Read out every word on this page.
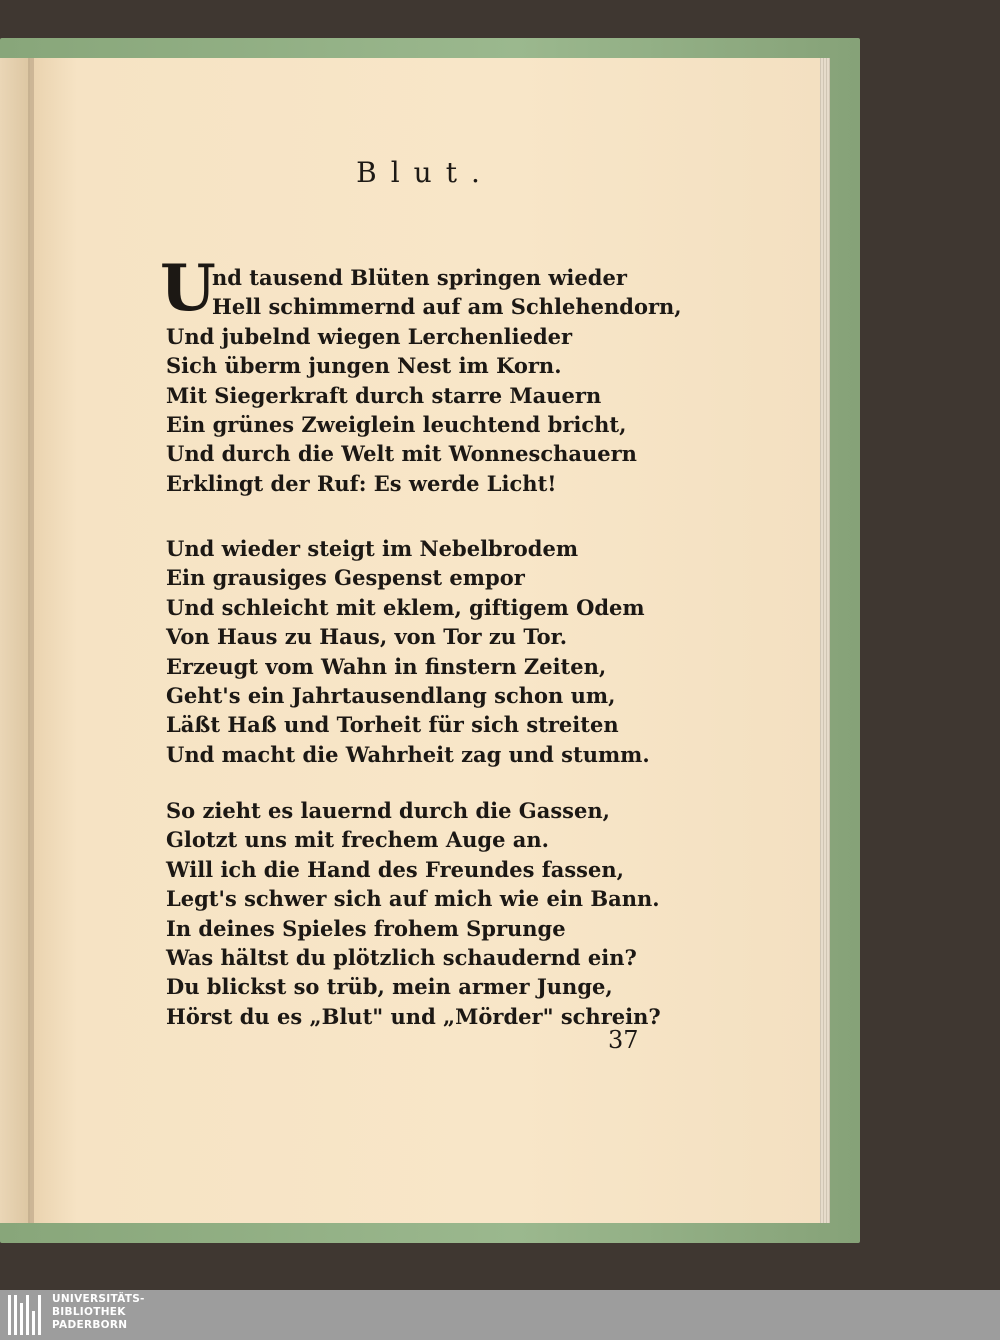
Blut.
U
nd tausend Blüten springen wieder
Hell schimmernd auf am Schlehendorn,
Und jubelnd wiegen Lerchenlieder
Sich überm jungen Nest im Korn.
Mit Siegerkraft durch starre Mauern
Ein grünes Zweiglein leuchtend bricht,
Und durch die Welt mit Wonneschauern
Erklingt der Ruf: Es werde Licht!
Und wieder steigt im Nebelbrodem
Ein grausiges Gespenst empor
Und schleicht mit eklem, giftigem Odem
Von Haus zu Haus, von Tor zu Tor.
Erzeugt vom Wahn in finstern Zeiten,
Geht's ein Jahrtausendlang schon um,
Läßt Haß und Torheit für sich streiten
Und macht die Wahrheit zag und stumm.
So zieht es lauernd durch die Gassen,
Glotzt uns mit frechem Auge an.
Will ich die Hand des Freundes fassen,
Legt's schwer sich auf mich wie ein Bann.
In deines Spieles frohem Sprunge
Was hältst du plötzlich schaudernd ein?
Du blickst so trüb, mein armer Junge,
Hörst du es „Blut" und „Mörder" schrein?
37
UNIVERSITÄTS-
BIBLIOTHEK
PADERBORN
